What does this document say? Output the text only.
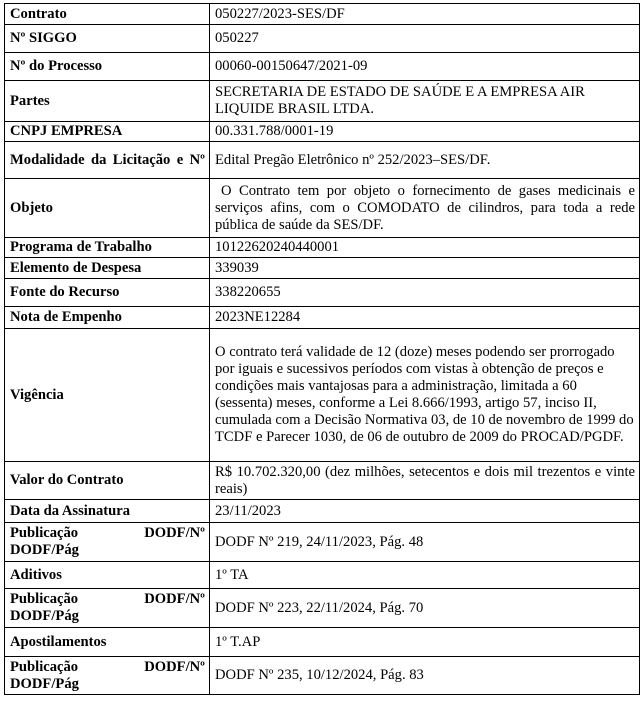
Contrato	050227/2023-SES/DF
Nº SIGGO	050227
Nº do Processo	00060-00150647/2021-09
Partes	SECRETARIA DE ESTADO DE SAÚDE E A EMPRESA AIR LIQUIDE BRASIL LTDA.
CNPJ EMPRESA	00.331.788/0001-19
Modalidade da Licitação e Nº	Edital Pregão Eletrônico nº 252/2023–SES/DF.
Objeto	O Contrato tem por objeto o fornecimento de gases medicinais e serviços afins, com o COMODATO de cilindros, para toda a rede pública de saúde da SES/DF.
Programa de Trabalho	10122620240440001
Elemento de Despesa	339039
Fonte do Recurso	338220655
Nota de Empenho	2023NE12284
Vigência	O contrato terá validade de 12 (doze) meses podendo ser prorrogado por iguais e sucessivos períodos com vistas à obtenção de preços e condições mais vantajosas para a administração, limitada a 60 (sessenta) meses, conforme a Lei 8.666/1993, artigo 57, inciso II, cumulada com a Decisão Normativa 03, de 10 de novembro de 1999 do TCDF e Parecer 1030, de 06 de outubro de 2009 do PROCAD/PGDF.
Valor do Contrato	R$ 10.702.320,00 (dez milhões, setecentos e dois mil trezentos e vinte reais)
Data da Assinatura	23/11/2023

Publicação DODF/Nº
DODF/Pág	DODF Nº 219, 24/11/2023, Pág. 48
Aditivos	1º TA

Publicação DODF/Nº
DODF/Pág	DODF Nº 223, 22/11/2024, Pág. 70
Apostilamentos	1º T.AP

Publicação DODF/Nº
DODF/Pág	DODF Nº 235, 10/12/2024, Pág. 83
